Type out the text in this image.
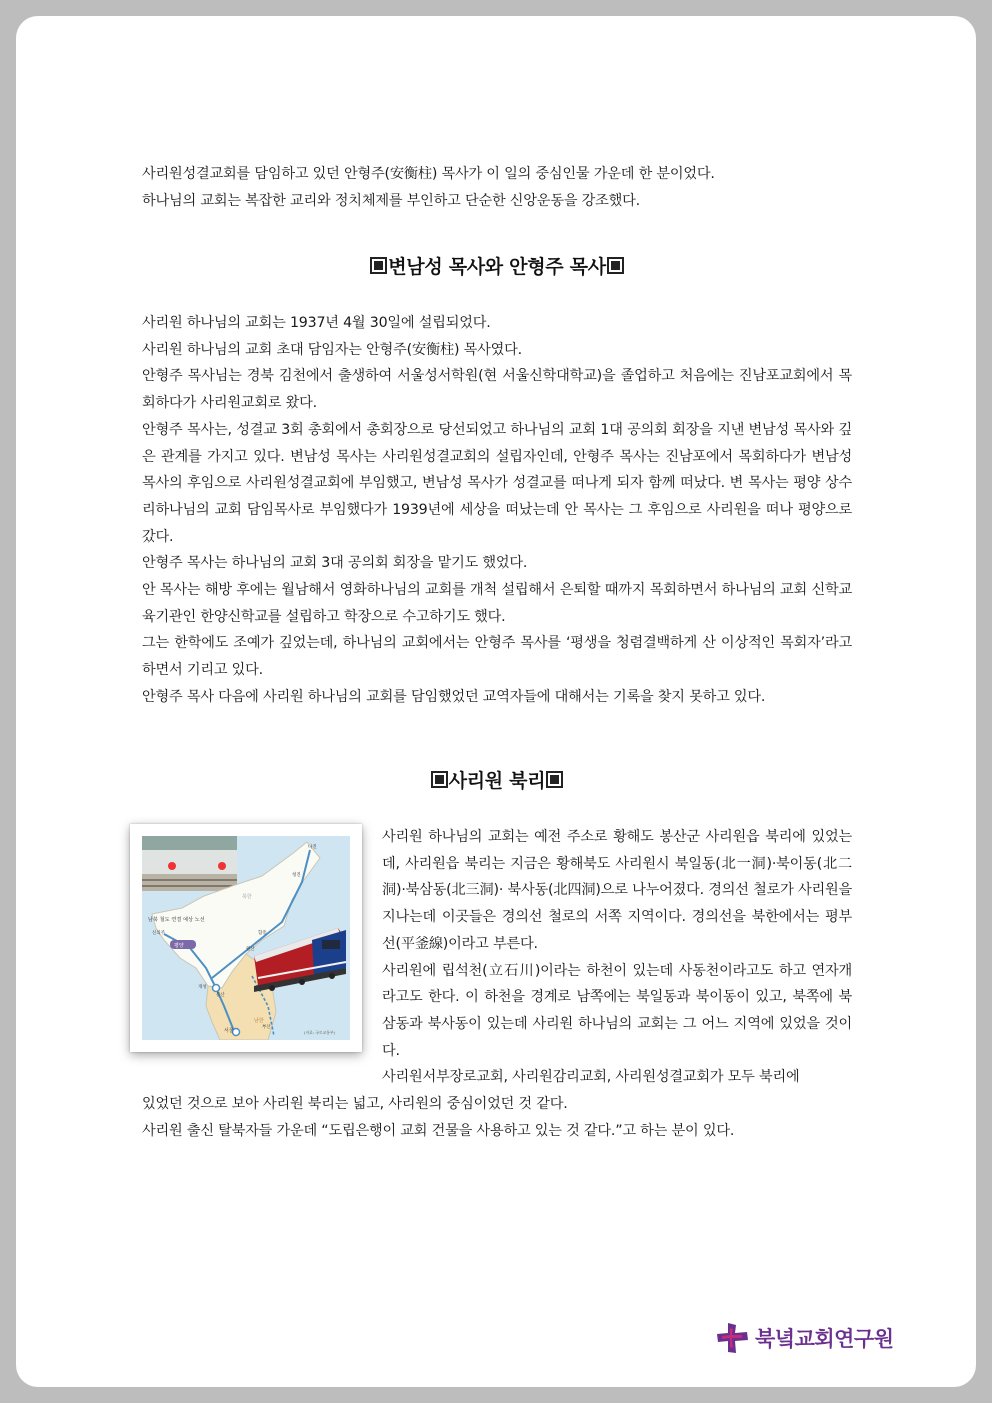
사리원성결교회를 담임하고 있던 안형주(安衡柱) 목사가 이 일의 중심인물 가운데 한 분이었다.

하나님의 교회는 복잡한 교리와 정치체제를 부인하고 단순한 신앙운동을 강조했다.

변남성 목사와 안형주 목사

사리원 하나님의 교회는 1937년 4월 30일에 설립되었다.

사리원 하나님의 교회 초대 담임자는 안형주(安衡柱) 목사였다.

안형주 목사님는 경북 김천에서 출생하여 서울성서학원(현 서울신학대학교)을 졸업하고 처음에는 진남포교회에서 목회하다가 사리원교회로 왔다.

안형주 목사는, 성결교 3회 총회에서 총회장으로 당선되었고 하나님의 교회 1대 공의회 회장을 지낸 변남성 목사와 깊은 관계를 가지고 있다. 변남성 목사는 사리원성결교회의 설립자인데, 안형주 목사는 진남포에서 목회하다가 변남성 목사의 후임으로 사리원성결교회에 부임했고, 변남성 목사가 성결교를 떠나게 되자 함께 떠났다. 변 목사는 평양 상수리하나님의 교회 담임목사로 부임했다가 1939년에 세상을 떠났는데 안 목사는 그 후임으로 사리원을 떠나 평양으로 갔다.

안형주 목사는 하나님의 교회 3대 공의회 회장을 맡기도 했었다.

안 목사는 해방 후에는 월남해서 영화하나님의 교회를 개척 설립해서 은퇴할 때까지 목회하면서 하나님의 교회 신학교육기관인 한양신학교를 설립하고 학장으로 수고하기도 했다.

그는 한학에도 조예가 깊었는데, 하나님의 교회에서는 안형주 목사를 ‘평생을 청렴결백하게 산 이상적인 목회자’라고 하면서 기리고 있다.

안형주 목사 다음에 사리원 하나님의 교회를 담임했었던 교역자들에 대해서는 기록을 찾지 못하고 있다.

사리원 북리
남북 철도 연결 예상 노선
평양
서울
개성
문산
신의주
원산
함흥
청진
나진
부산
북한
남한
(자료: 국토교통부)

사리원 하나님의 교회는 예전 주소로 황해도 봉산군 사리원읍 북리에 있었는데, 사리원읍 북리는 지금은 황해북도 사리원시 북일동(北一洞)·북이동(北二洞)·북삼동(北三洞)· 북사동(北四洞)으로 나누어졌다. 경의선 철로가 사리원을 지나는데 이곳들은 경의선 철로의 서쪽 지역이다. 경의선을 북한에서는 평부선(平釜線)이라고 부른다.

사리원에 립석천(立石川)이라는 하천이 있는데 사동천이라고도 하고 연자개라고도 한다. 이 하천을 경계로 남쪽에는 북일동과 북이동이 있고, 북쪽에 북삼동과 북사동이 있는데 사리원 하나님의 교회는 그 어느 지역에 있었을 것이다.

사리원서부장로교회, 사리원감리교회, 사리원성결교회가 모두 북리에

있었던 것으로 보아 사리원 북리는 넓고, 사리원의 중심이었던 것 같다.

사리원 출신 탈북자들 가운데 “도립은행이 교회 건물을 사용하고 있는 것 같다.”고 하는 분이 있다.

북녘교회연구원
